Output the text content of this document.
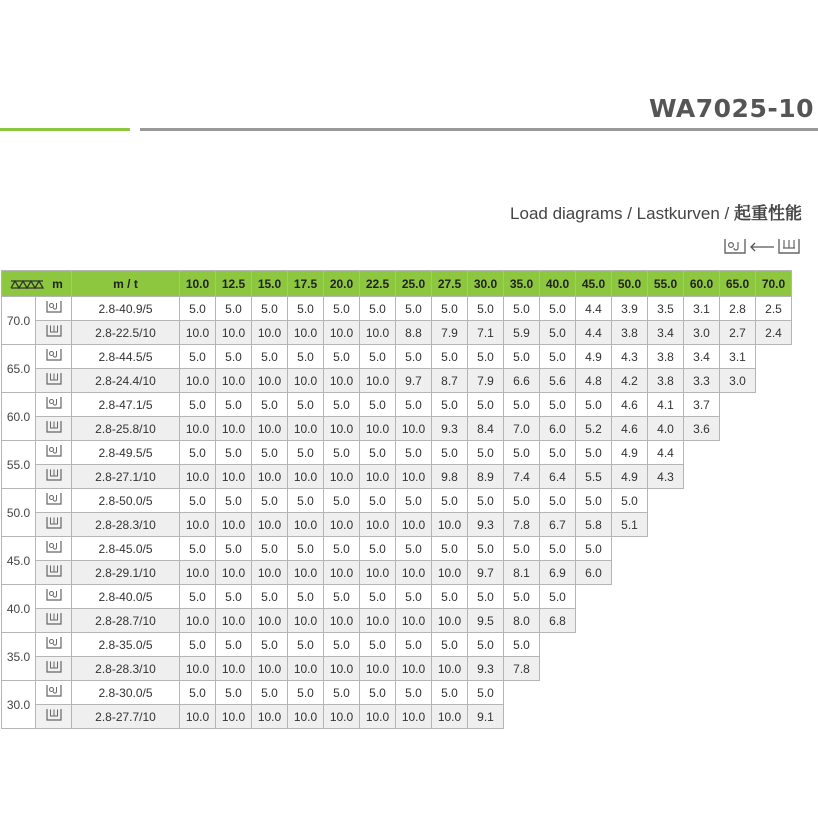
WA7025-10
Load diagrams / Lastkurven / 起重性能
m		m / t	10.0	12.5	15.0	17.5	20.0	22.5	25.0	27.5	30.0	35.0	40.0	45.0	50.0	55.0	60.0	65.0	70.0
70.0		2.8-40.9/5	5.0	5.0	5.0	5.0	5.0	5.0	5.0	5.0	5.0	5.0	5.0	4.4	3.9	3.5	3.1	2.8	2.5
	2.8-22.5/10	10.0	10.0	10.0	10.0	10.0	10.0	8.8	7.9	7.1	5.9	5.0	4.4	3.8	3.4	3.0	2.7	2.4
65.0		2.8-44.5/5	5.0	5.0	5.0	5.0	5.0	5.0	5.0	5.0	5.0	5.0	5.0	4.9	4.3	3.8	3.4	3.1	
	2.8-24.4/10	10.0	10.0	10.0	10.0	10.0	10.0	9.7	8.7	7.9	6.6	5.6	4.8	4.2	3.8	3.3	3.0	
60.0		2.8-47.1/5	5.0	5.0	5.0	5.0	5.0	5.0	5.0	5.0	5.0	5.0	5.0	5.0	4.6	4.1	3.7		
	2.8-25.8/10	10.0	10.0	10.0	10.0	10.0	10.0	10.0	9.3	8.4	7.0	6.0	5.2	4.6	4.0	3.6		
55.0		2.8-49.5/5	5.0	5.0	5.0	5.0	5.0	5.0	5.0	5.0	5.0	5.0	5.0	5.0	4.9	4.4			
	2.8-27.1/10	10.0	10.0	10.0	10.0	10.0	10.0	10.0	9.8	8.9	7.4	6.4	5.5	4.9	4.3			
50.0		2.8-50.0/5	5.0	5.0	5.0	5.0	5.0	5.0	5.0	5.0	5.0	5.0	5.0	5.0	5.0				
	2.8-28.3/10	10.0	10.0	10.0	10.0	10.0	10.0	10.0	10.0	9.3	7.8	6.7	5.8	5.1				
45.0		2.8-45.0/5	5.0	5.0	5.0	5.0	5.0	5.0	5.0	5.0	5.0	5.0	5.0	5.0					
	2.8-29.1/10	10.0	10.0	10.0	10.0	10.0	10.0	10.0	10.0	9.7	8.1	6.9	6.0					
40.0		2.8-40.0/5	5.0	5.0	5.0	5.0	5.0	5.0	5.0	5.0	5.0	5.0	5.0						
	2.8-28.7/10	10.0	10.0	10.0	10.0	10.0	10.0	10.0	10.0	9.5	8.0	6.8						
35.0		2.8-35.0/5	5.0	5.0	5.0	5.0	5.0	5.0	5.0	5.0	5.0	5.0							
	2.8-28.3/10	10.0	10.0	10.0	10.0	10.0	10.0	10.0	10.0	9.3	7.8							
30.0		2.8-30.0/5	5.0	5.0	5.0	5.0	5.0	5.0	5.0	5.0	5.0								
	2.8-27.7/10	10.0	10.0	10.0	10.0	10.0	10.0	10.0	10.0	9.1								
